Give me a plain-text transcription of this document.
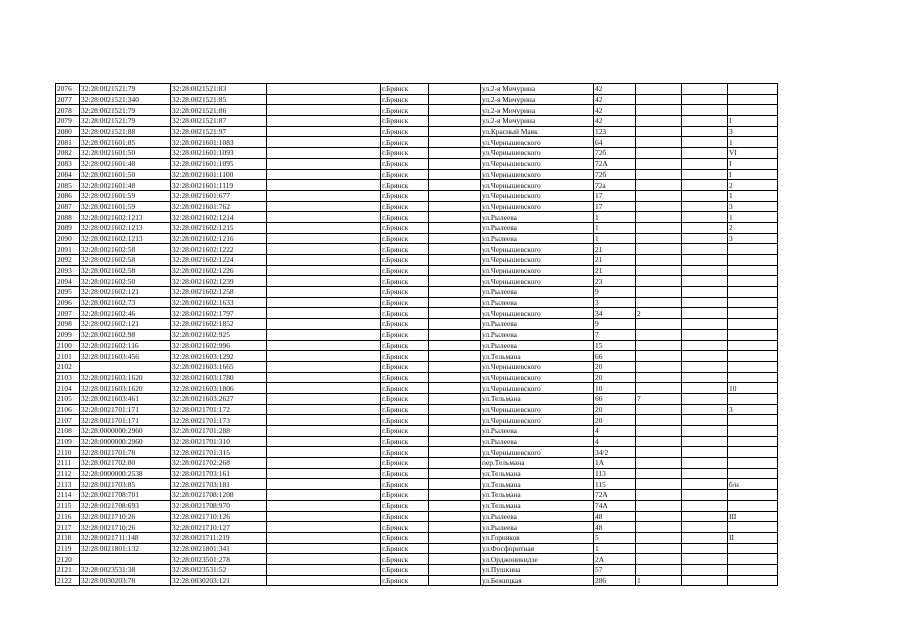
2076	32:28:0021521:79	32:28:0021521:83		г.Брянск		ул.2-я Мичурина	42			
2077	32:28:0021521:340	32:28:0021521:85		г.Брянск		ул.2-я Мичурина	42			
2078	32:28:0021521:79	32:28:0021521:86		г.Брянск		ул.2-я Мичурина	42			
2079	32:28:0021521:79	32:28:0021521:87		г.Брянск		ул.2-я Мичурина	42			I
2080	32:28:0021521:88	32:28:0021521:97		г.Брянск		ул.Красный Маяк	123			3
2081	32:28:0021601:85	32:28:0021601:1083		г.Брянск		ул.Чернышевского	64			1
2082	32:28:0021601:50	32:28:0021601:1093		г.Брянск		ул.Чернышевского	72б			VI
2083	32:28:0021601:48	32:28:0021601:1095		г.Брянск		ул.Чернышевского	72А			I
2084	32:28:0021601:50	32:28:0021601:1100		г.Брянск		ул.Чернышевского	72б			I
2085	32:28:0021601:48	32:28:0021601:1119		г.Брянск		ул.Чернышевского	72а			2
2086	32:28:0021601:59	32:28:0021601:677		г.Брянск		ул.Чернышевского	17			1
2087	32:28:0021601:59	32:28:0021601:762		г.Брянск		ул.Чернышевского	17			3
2088	32:28:0021602:1213	32:28:0021602:1214		г.Брянск		ул.Рылеева	1			1
2089	32:28:0021602:1213	32:28:0021602:1215		г.Брянск		ул.Рылеева	1			2
2090	32:28:0021602:1213	32:28:0021602:1216		г.Брянск		ул.Рылеева	1			3
2091	32:28:0021602:58	32:28:0021602:1222		г.Брянск		ул.Чернышевского	21			
2092	32:28:0021602:58	32:28:0021602:1224		г.Брянск		ул.Чернышевского	21			
2093	32:28:0021602:58	32:28:0021602:1226		г.Брянск		ул.Чернышевского	21			
2094	32:28:0021602:50	32:28:0021602:1239		г.Брянск		ул.Чернышевского	23			
2095	32:28:0021602:121	32:28:0021602:1258		г.Брянск		ул.Рылеева	9			
2096	32:28:0021602:73	32:28:0021602:1633		г.Брянск		ул.Рылеева	3			
2097	32:28:0021602:46	32:28:0021602:1797		г.Брянск		ул.Чернышевского	34	2		
2098	32:28:0021602:121	32:28:0021602:1852		г.Брянск		ул.Рылеева	9			
2099	32:28:0021602:98	32:28:0021602:925		г.Брянск		ул.Рылеева	7			
2100	32:28:0021602:116	32:28:0021602:996		г.Брянск		ул.Рылеева	15			
2101	32:28:0021603:456	32:28:0021603:1292		г.Брянск		ул.Тельмана	66			
2102		32:28:0021603:1665		г.Брянск		ул.Чернышевского	20			
2103	32:28:0021603:1620	32:28:0021603:1780		г.Брянск		ул.Чернышевского	20			
2104	32:28:0021603:1620	32:28:0021603:1806		г.Брянск		ул.Чернышевского	10			10
2105	32:28:0021603:461	32:28:0021603:2627		г.Брянск		ул.Тельмана	66	7		
2106	32:28:0021701:171	32:28:0021701:172		г.Брянск		ул.Чернышевского	20			3
2107	32:28:0021701:171	32:28:0021701:173		г.Брянск		ул.Чернышевского	20			
2108	32:28:0000000:2960	32:28:0021701:288		г.Брянск		ул.Рылеева	4			
2109	32:28:0000000:2960	32:28:0021701:310		г.Брянск		ул.Рылеева	4			
2110	32:28:0021701:78	32:28:0021701:315		г.Брянск		ул.Чернышевского	34/2			
2111	32:28:0021702:80	32:28:0021702:268		г.Брянск		пер.Тельмана	1А			
2112	32:28:0000000:2538	32:28:0021703:161		г.Брянск		ул.Тельмана	113			
2113	32:28:0021703:85	32:28:0021703:181		г.Брянск		ул.Тельмана	115			б/н
2114	32:28:0021708:701	32:28:0021708:1208		г.Брянск		ул.Тельмана	72А			
2115	32:28:0021708:693	32:28:0021708:970		г.Брянск		ул.Тельмана	74А			
2116	32:28:0021710:26	32:28:0021710:126		г.Брянск		ул.Рылеева	48			III
2117	32:28:0021710:26	32:28:0021710:127		г.Брянск		ул.Рылеева	48			
2118	32:28:0021711:148	32:28:0021711:219		г.Брянск		ул.Горняков	5			II
2119	32:28:0021801:132	32:28:0021801:341		г.Брянск		ул.Фосфоритная	1			
2120		32:28:0023501:278		г.Брянск		ул.Орджоникидзе	2А			
2121	32:28:0023531:38	32:28:0023531:52		г.Брянск		ул.Пушкина	57			
2122	32:28:0030203:78	32:28:0030203:121		г.Брянск		ул.Бежицкая	286	1		
